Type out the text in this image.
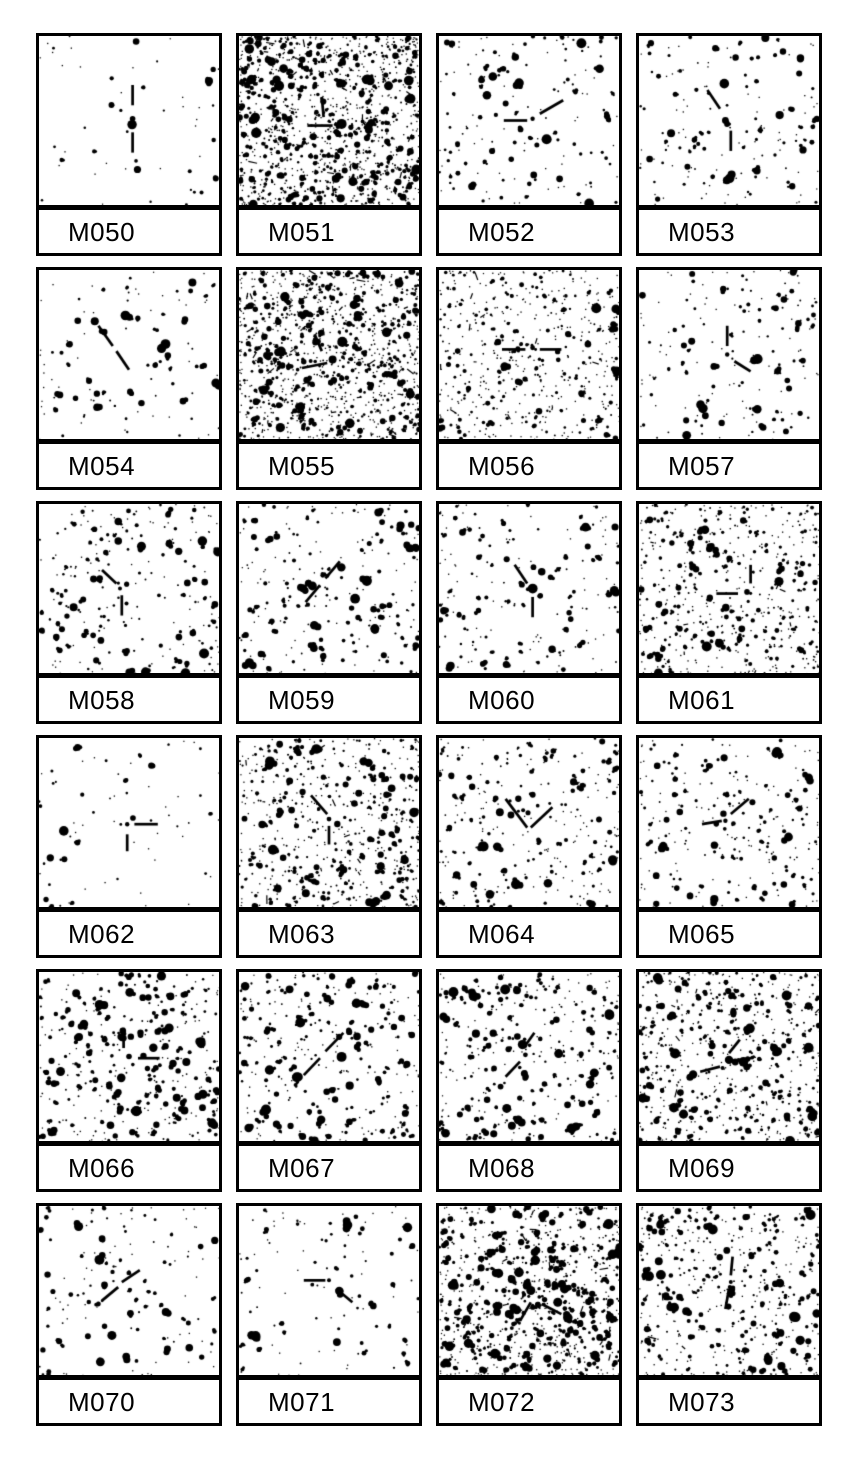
M050	M051	M052	M053
M054	M055	M056	M057
M058	M059	M060	M061
M062	M063	M064	M065
M066	M067	M068	M069
M070	M071	M072	M073
